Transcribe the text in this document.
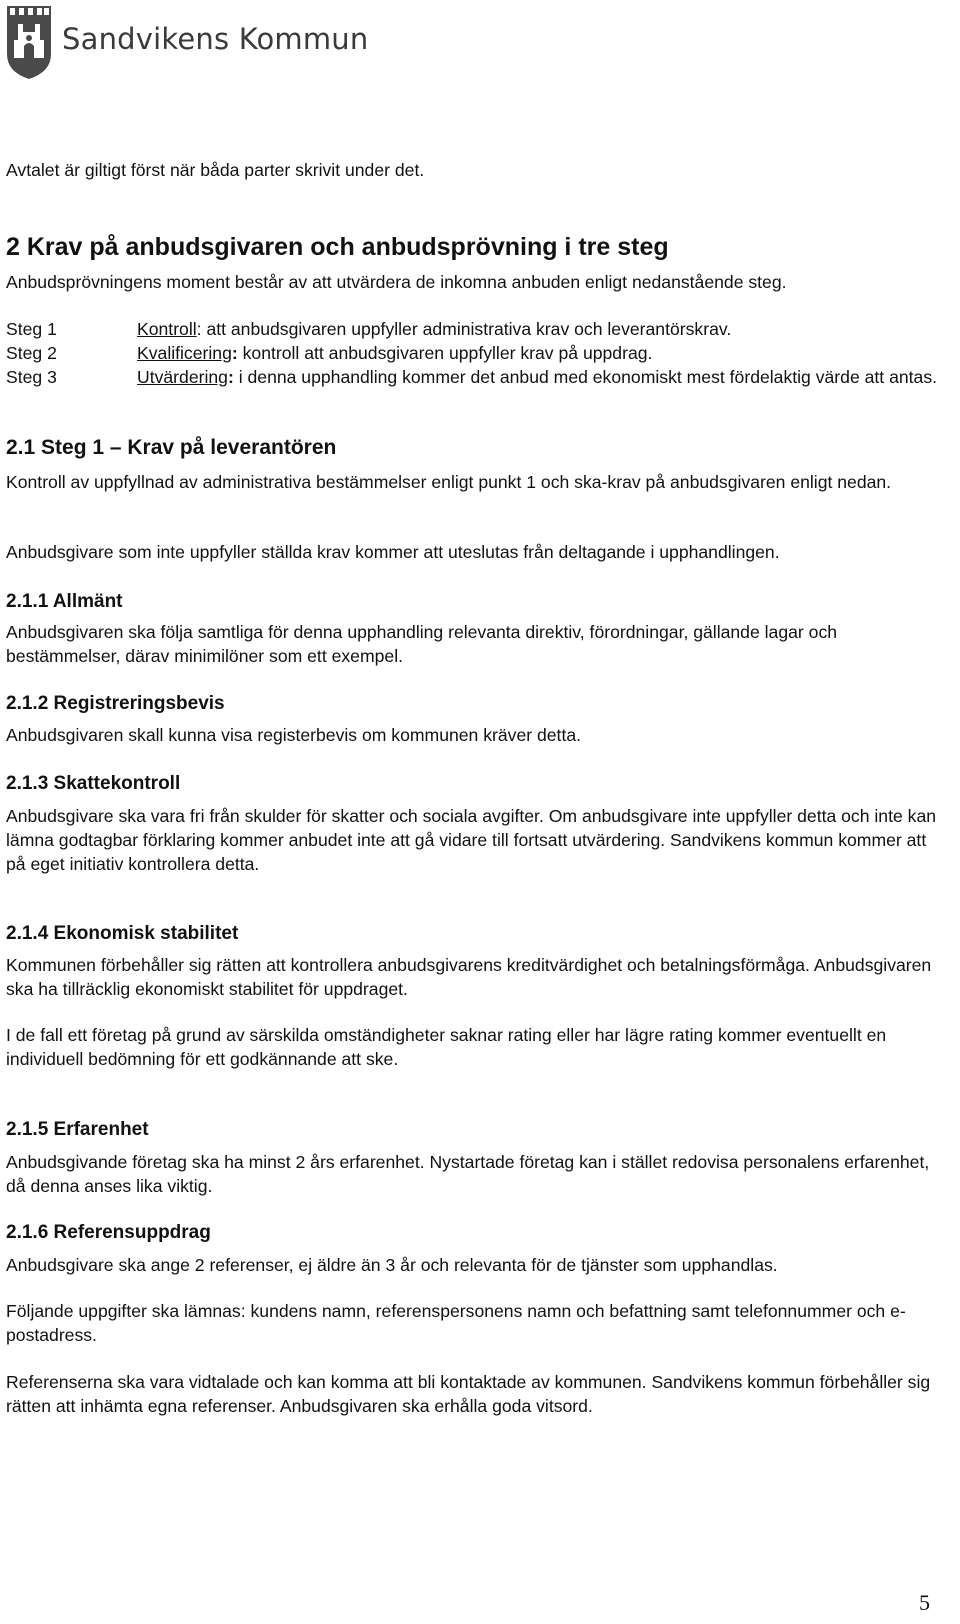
Sandvikens Kommun

Avtalet är giltigt först när båda parter skrivit under det.

2 Krav på anbudsgivaren och anbudsprövning i tre steg

Anbudsprövningens moment består av att utvärdera de inkomna anbuden enligt nedanstående steg.

Steg 1	Kontroll: att anbudsgivaren uppfyller administrativa krav och leverantörskrav.
Steg 2	Kvalificering: kontroll att anbudsgivaren uppfyller krav på uppdrag.
Steg 3	Utvärdering: i denna upphandling kommer det anbud med ekonomiskt mest fördelaktig värde att antas.
2.1 Steg 1 – Krav på leverantören

Kontroll av uppfyllnad av administrativa bestämmelser enligt punkt 1 och ska-krav på anbudsgivaren enligt nedan.

Anbudsgivare som inte uppfyller ställda krav kommer att uteslutas från deltagande i upphandlingen.

2.1.1 Allmänt

Anbudsgivaren ska följa samtliga för denna upphandling relevanta direktiv, förordningar, gällande lagar och bestämmelser, därav minimilöner som ett exempel.

2.1.2 Registreringsbevis

Anbudsgivaren skall kunna visa registerbevis om kommunen kräver detta.

2.1.3 Skattekontroll

Anbudsgivare ska vara fri från skulder för skatter och sociala avgifter. Om anbudsgivare inte uppfyller detta och inte kan lämna godtagbar förklaring kommer anbudet inte att gå vidare till fortsatt utvärdering. Sandvikens kommun kommer att på eget initiativ kontrollera detta.

2.1.4 Ekonomisk stabilitet

Kommunen förbehåller sig rätten att kontrollera anbudsgivarens kreditvärdighet och betalningsförmåga. Anbudsgivaren ska ha tillräcklig ekonomiskt stabilitet för uppdraget.

I de fall ett företag på grund av särskilda omständigheter saknar rating eller har lägre rating kommer eventuellt en individuell bedömning för ett godkännande att ske.

2.1.5 Erfarenhet

Anbudsgivande företag ska ha minst 2 års erfarenhet. Nystartade företag kan i stället redovisa personalens erfarenhet, då denna anses lika viktig.

2.1.6 Referensuppdrag

Anbudsgivare ska ange 2 referenser, ej äldre än 3 år och relevanta för de tjänster som upphandlas.

Följande uppgifter ska lämnas: kundens namn, referenspersonens namn och befattning samt telefonnummer och e-postadress.

Referenserna ska vara vidtalade och kan komma att bli kontaktade av kommunen. Sandvikens kommun förbehåller sig rätten att inhämta egna referenser. Anbudsgivaren ska erhålla goda vitsord.

5
